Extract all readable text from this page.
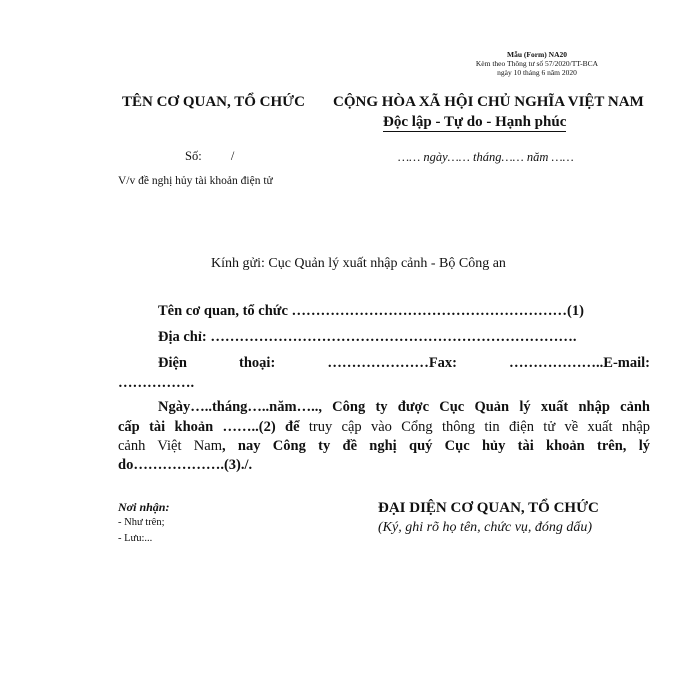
Mẫu (Form) NA20
Kèm theo Thông tư số 57/2020/TT-BCA
ngày 10 tháng 6 năm 2020
TÊN CƠ QUAN, TỔ CHỨC CỘNG HÒA XÃ HỘI CHỦ NGHĨA VIỆT NAM
Độc lập - Tự do - Hạnh phúc
Số: /	…… ngày…… tháng…… năm ……
V/v đề nghị hủy tài khoản điện tử
Kính gửi: Cục Quản lý xuất nhập cảnh - Bộ Công an
Tên cơ quan, tổ chức …………………………………………………(1)
Địa chỉ: ………………………………………………………………….
Điện	thoại:	…………………Fax:	………………..E-mail:
…………….
Ngày…..tháng…..năm….., Công ty được Cục Quản lý xuất nhập cảnh
cấp tài khoản ……..(2) để truy cập vào Cổng thông tin điện tử về xuất nhập
cảnh Việt Nam, nay Công ty đề nghị quý Cục hủy tài khoản trên, lý
do……………….(3)./.
Nơi nhận:
- Như trên;
- Lưu:...
ĐẠI DIỆN CƠ QUAN, TỔ CHỨC
(Ký, ghi rõ họ tên, chức vụ, đóng dấu)
